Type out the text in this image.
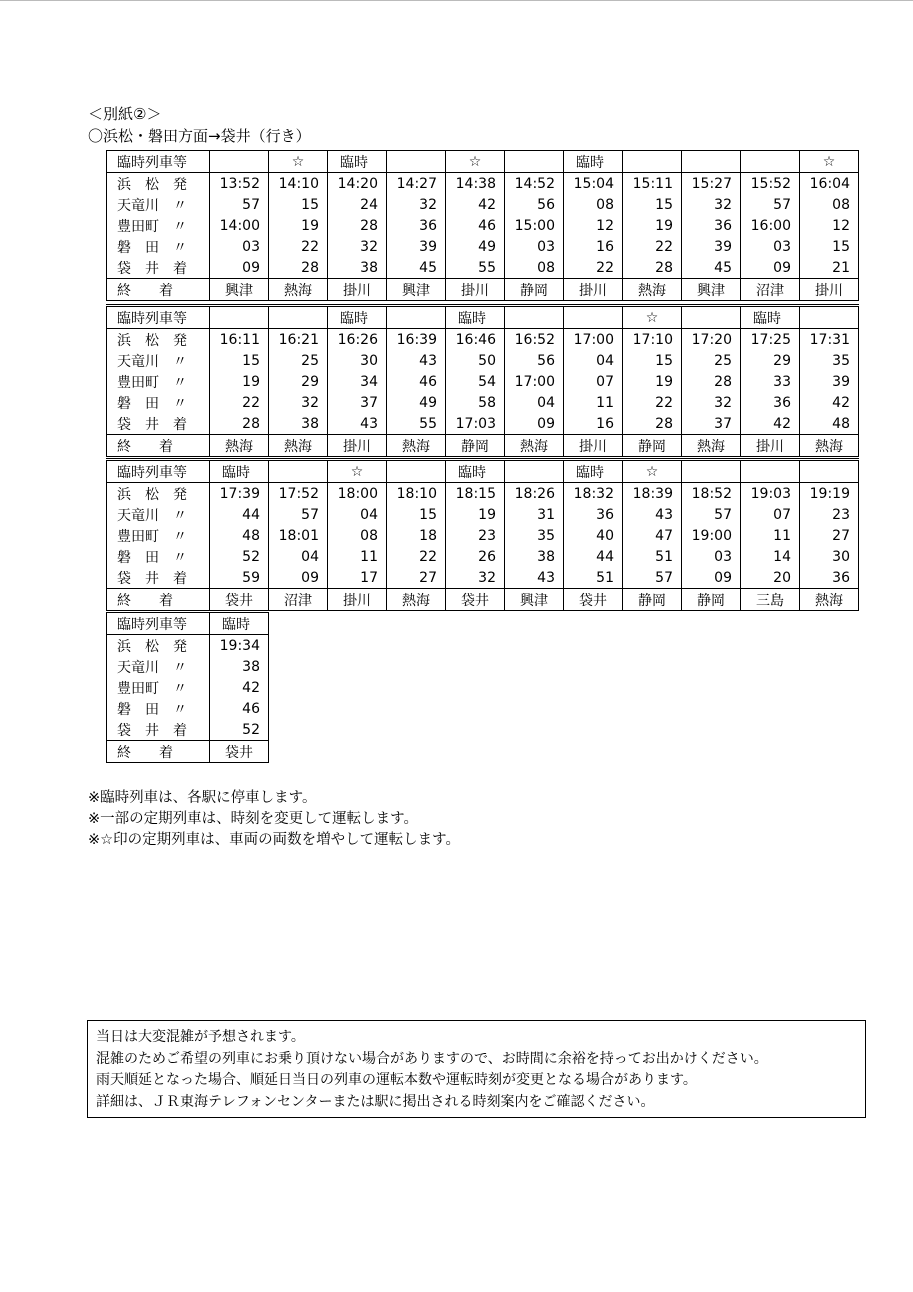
＜別紙②＞
〇浜松・磐田方面→袋井（行き）
臨時列車等		☆	臨時		☆		臨時				☆
浜　松　発	13:52	14:10	14:20	14:27	14:38	14:52	15:04	15:11	15:27	15:52	16:04
天竜川　〃	57	15	24	32	42	56	08	15	32	57	08
豊田町　〃	14:00	19	28	36	46	15:00	12	19	36	16:00	12
磐　田　〃	03	22	32	39	49	03	16	22	39	03	15
袋　井　着	09	28	38	45	55	08	22	28	45	09	21
終　　着	興津	熱海	掛川	興津	掛川	静岡	掛川	熱海	興津	沼津	掛川
臨時列車等			臨時		臨時			☆		臨時	
浜　松　発	16:11	16:21	16:26	16:39	16:46	16:52	17:00	17:10	17:20	17:25	17:31
天竜川　〃	15	25	30	43	50	56	04	15	25	29	35
豊田町　〃	19	29	34	46	54	17:00	07	19	28	33	39
磐　田　〃	22	32	37	49	58	04	11	22	32	36	42
袋　井　着	28	38	43	55	17:03	09	16	28	37	42	48
終　　着	熱海	熱海	掛川	熱海	静岡	熱海	掛川	静岡	熱海	掛川	熱海
臨時列車等	臨時		☆		臨時		臨時	☆			
浜　松　発	17:39	17:52	18:00	18:10	18:15	18:26	18:32	18:39	18:52	19:03	19:19
天竜川　〃	44	57	04	15	19	31	36	43	57	07	23
豊田町　〃	48	18:01	08	18	23	35	40	47	19:00	11	27
磐　田　〃	52	04	11	22	26	38	44	51	03	14	30
袋　井　着	59	09	17	27	32	43	51	57	09	20	36
終　　着	袋井	沼津	掛川	熱海	袋井	興津	袋井	静岡	静岡	三島	熱海
臨時列車等	臨時
浜　松　発	19:34
天竜川　〃	38
豊田町　〃	42
磐　田　〃	46
袋　井　着	52
終　　着	袋井
※臨時列車は、各駅に停車します。
※一部の定期列車は、時刻を変更して運転します。
※☆印の定期列車は、車両の両数を増やして運転します。
当日は大変混雑が予想されます。
混雑のためご希望の列車にお乗り頂けない場合がありますので、お時間に余裕を持ってお出かけください。
雨天順延となった場合、順延日当日の列車の運転本数や運転時刻が変更となる場合があります。
詳細は、ＪＲ東海テレフォンセンターまたは駅に掲出される時刻案内をご確認ください。
